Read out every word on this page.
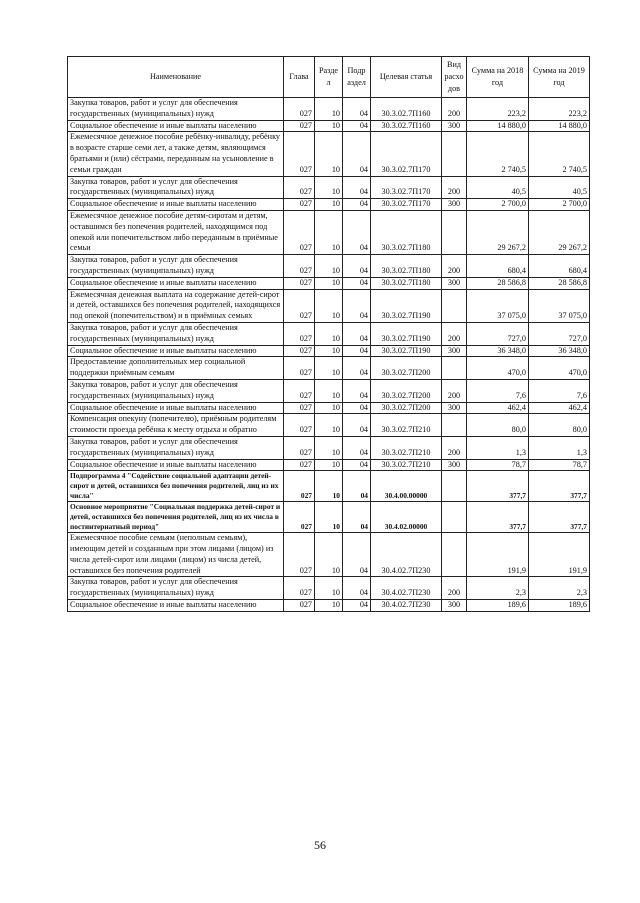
Наименование	Глава	Разде л	Подр аздел	Целевая статья	Вид расхо дов	Сумма на 2018 год	Сумма на 2019 год
Закупка товаров, работ и услуг для обеспечения государственных (муниципальных) нужд	027	10	04	30.3.02.7П160	200	223,2	223,2
Социальное обеспечение и иные выплаты населению	027	10	04	30.3.02.7П160	300	14 880,0	14 880,0
Ежемесячное денежное пособие ребёнку-инвалиду, ребёнку в возрасте старше семи лет, а также детям, являющимся братьями и (или) сёстрами, переданным на усыновление в семьи граждан	027	10	04	30.3.02.7П170		2 740,5	2 740,5
Закупка товаров, работ и услуг для обеспечения государственных (муниципальных) нужд	027	10	04	30.3.02.7П170	200	40,5	40,5
Социальное обеспечение и иные выплаты населению	027	10	04	30.3.02.7П170	300	2 700,0	2 700,0
Ежемесячное денежное пособие детям-сиротам и детям, оставшимся без попечения родителей, находящимся под опекой или попечительством либо переданным в приёмные семьи	027	10	04	30.3.02.7П180		29 267,2	29 267,2
Закупка товаров, работ и услуг для обеспечения государственных (муниципальных) нужд	027	10	04	30.3.02.7П180	200	680,4	680,4
Социальное обеспечение и иные выплаты населению	027	10	04	30.3.02.7П180	300	28 586,8	28 586,8
Ежемесячная денежная выплата на содержание детей-сирот и детей, оставшихся без попечения родителей, находящихся под опекой (попечительством) и в приёмных семьях	027	10	04	30.3.02.7П190		37 075,0	37 075,0
Закупка товаров, работ и услуг для обеспечения государственных (муниципальных) нужд	027	10	04	30.3.02.7П190	200	727,0	727,0
Социальное обеспечение и иные выплаты населению	027	10	04	30.3.02.7П190	300	36 348,0	36 348,0
Предоставление дополнительных мер социальной поддержки приёмным семьям	027	10	04	30.3.02.7П200		470,0	470,0
Закупка товаров, работ и услуг для обеспечения государственных (муниципальных) нужд	027	10	04	30.3.02.7П200	200	7,6	7,6
Социальное обеспечение и иные выплаты населению	027	10	04	30.3.02.7П200	300	462,4	462,4
Компенсация опекуну (попечителю), приёмным родителям стоимости проезда ребёнка к месту отдыха и обратно	027	10	04	30.3.02.7П210		80,0	80,0
Закупка товаров, работ и услуг для обеспечения государственных (муниципальных) нужд	027	10	04	30.3.02.7П210	200	1,3	1,3
Социальное обеспечение и иные выплаты населению	027	10	04	30.3.02.7П210	300	78,7	78,7
Подпрограмма 4 "Содействие социальной адаптации детей-сирот и детей, оставшихся без попечения родителей, лиц из их числа"	027	10	04	30.4.00.00000		377,7	377,7
Основное мероприятие "Социальная поддержка детей-сирот и детей, оставшихся без попечения родителей, лиц из их числа в постинтернатный период"	027	10	04	30.4.02.00000		377,7	377,7
Ежемесячное пособие семьям (неполным семьям), имеющим детей и созданным при этом лицами (лицом) из числа детей-сирот или лицами (лицом) из числа детей, оставшихся без попечения родителей	027	10	04	30.4.02.7П230		191,9	191,9
Закупка товаров, работ и услуг для обеспечения государственных (муниципальных) нужд	027	10	04	30.4.02.7П230	200	2,3	2,3
Социальное обеспечение и иные выплаты населению	027	10	04	30.4.02.7П230	300	189,6	189,6
56
